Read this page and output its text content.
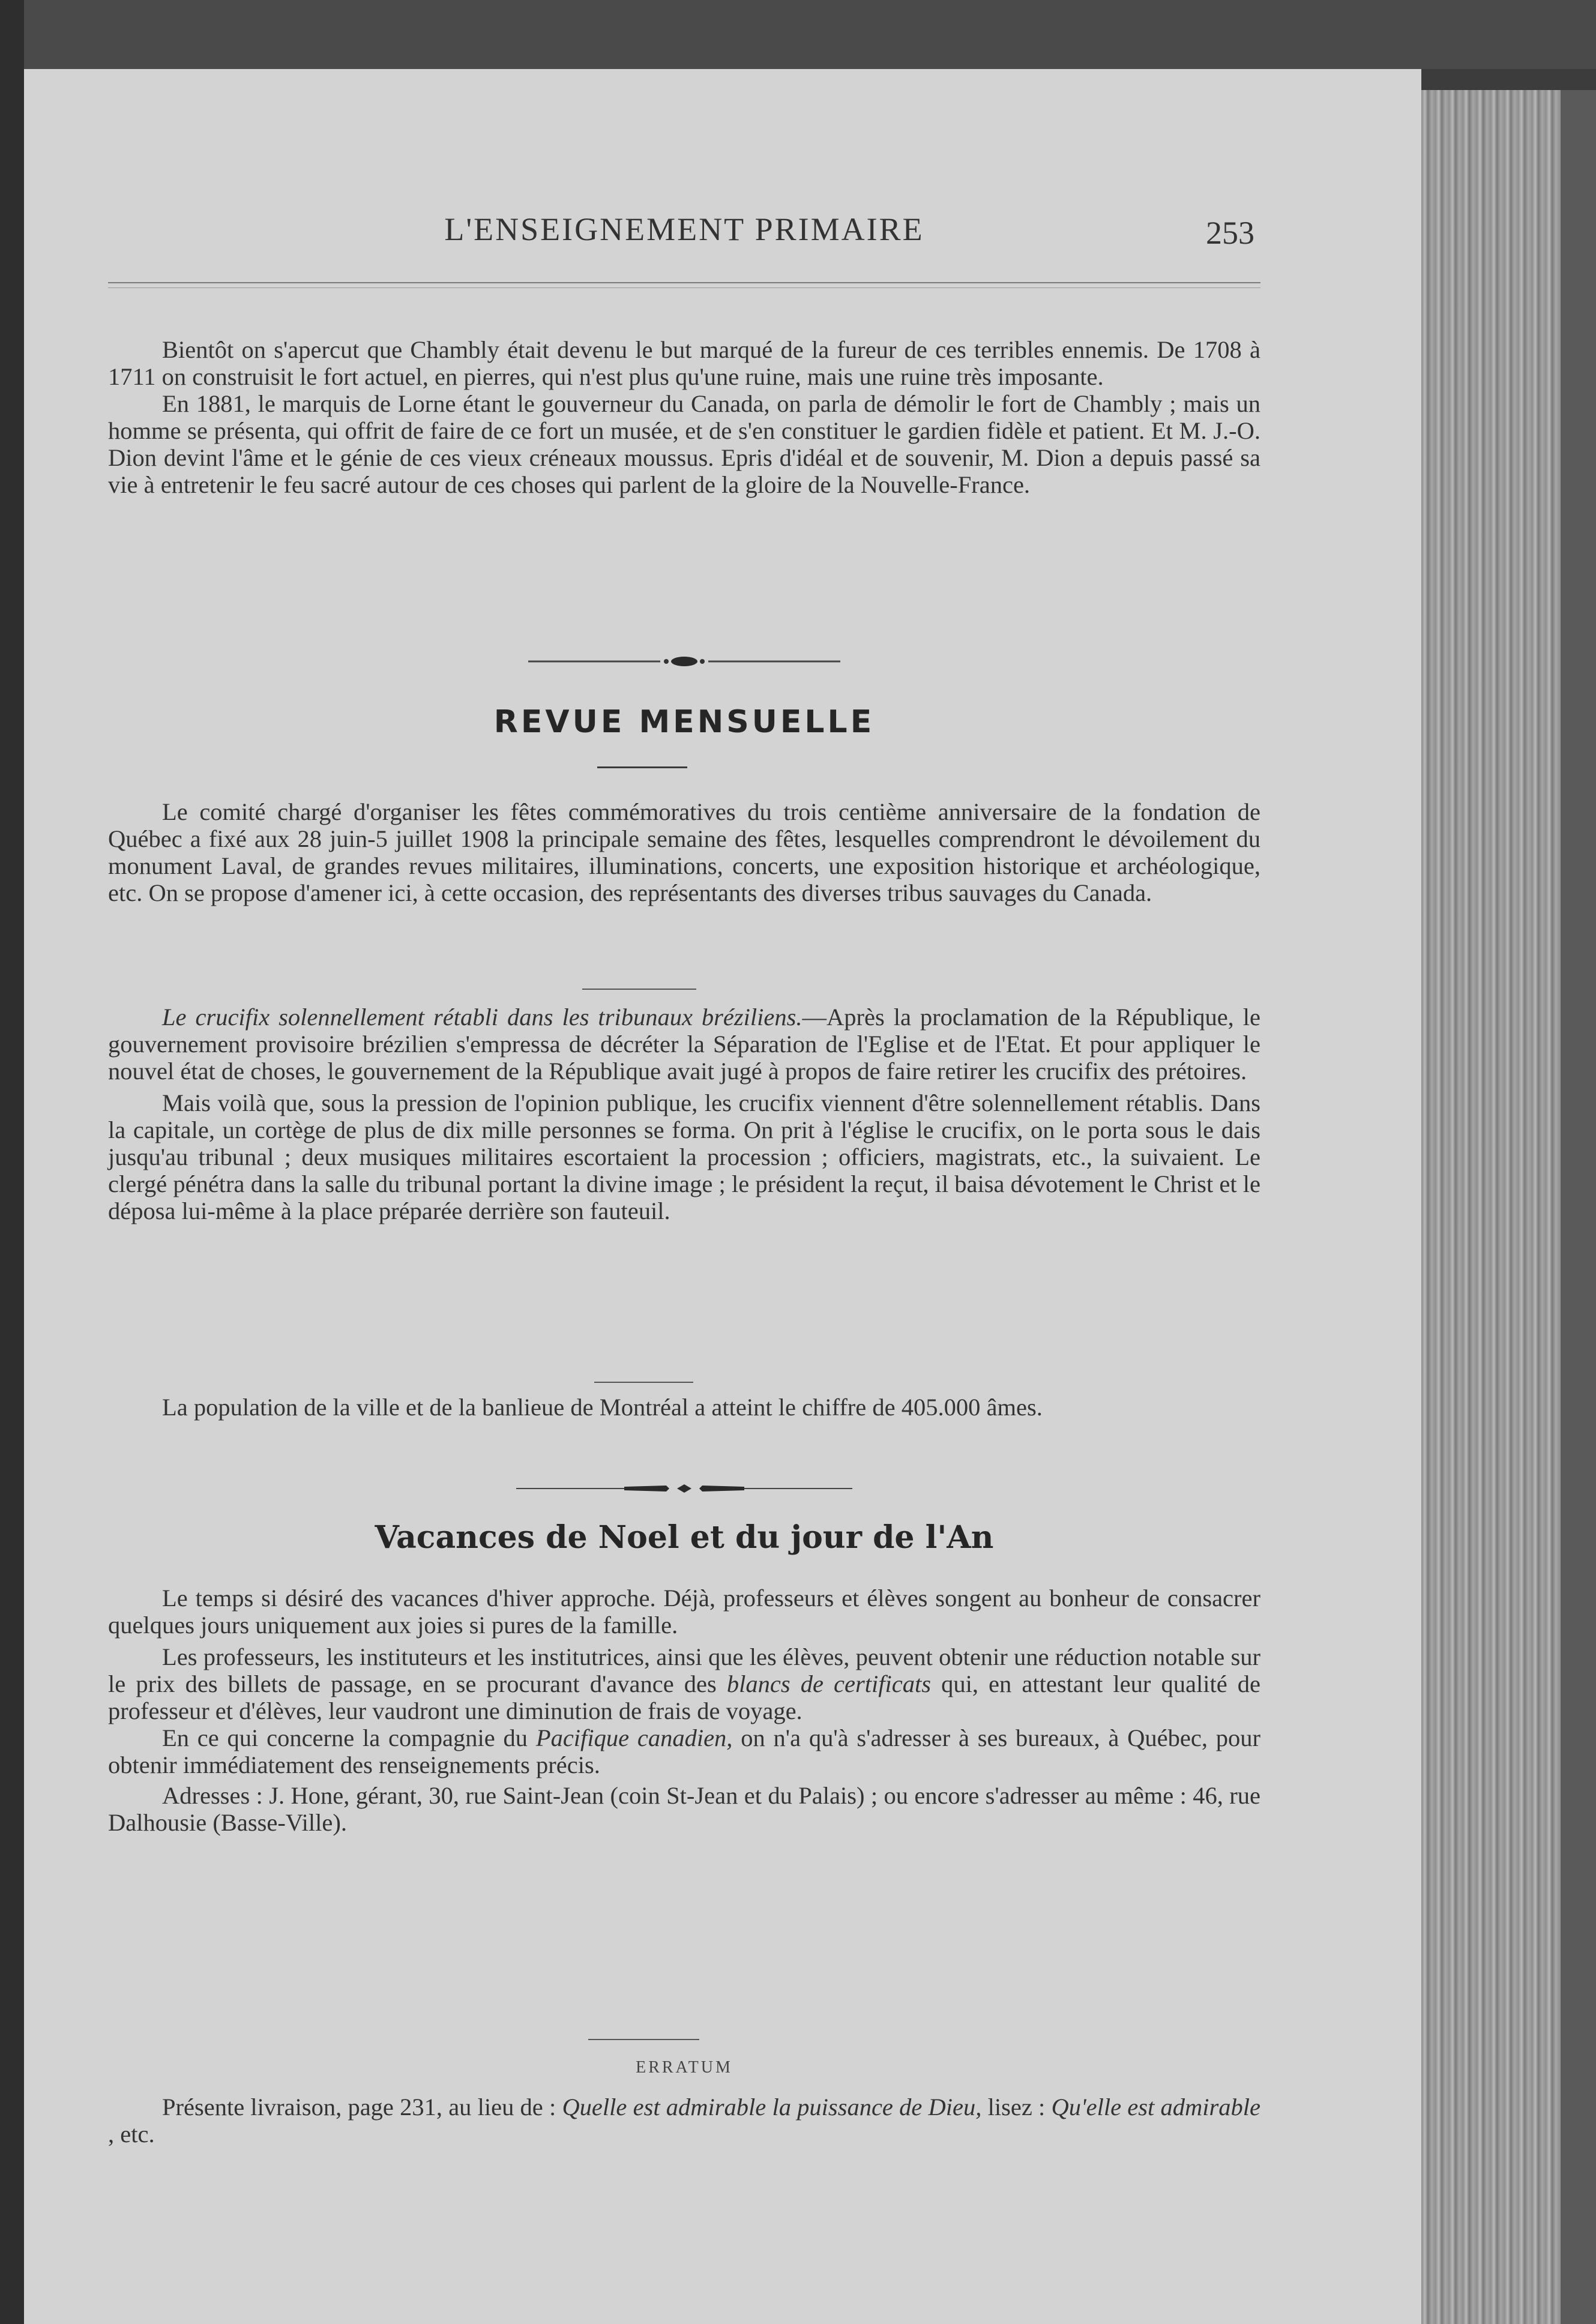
L'ENSEIGNEMENT PRIMAIRE	253

Bientôt on s'apercut que Chambly était devenu le but marqué de la fureur de ces terribles ennemis. De 1708 à 1711 on construisit le fort actuel, en pierres, qui n'est plus qu'une ruine, mais une ruine très imposante.

En 1881, le marquis de Lorne étant le gouverneur du Canada, on parla de démolir le fort de Chambly ; mais un homme se présenta, qui offrit de faire de ce fort un musée, et de s'en constituer le gardien fidèle et patient. Et M. J.-O. Dion devint l'âme et le génie de ces vieux créneaux moussus. Epris d'idéal et de souvenir, M. Dion a depuis passé sa vie à entretenir le feu sacré autour de ces choses qui parlent de la gloire de la Nouvelle-France.

REVUE MENSUELLE

Le comité chargé d'organiser les fêtes commémoratives du trois centième anniversaire de la fondation de Québec a fixé aux 28 juin-5 juillet 1908 la principale semaine des fêtes, lesquelles comprendront le dévoilement du monument Laval, de grandes revues militaires, illuminations, concerts, une exposition historique et archéologique, etc. On se propose d'amener ici, à cette occasion, des représentants des diverses tribus sauvages du Canada.

Le crucifix solennellement rétabli dans les tribunaux bréziliens.—Après la proclamation de la République, le gouvernement provisoire brézilien s'empressa de décréter la Séparation de l'Eglise et de l'Etat. Et pour appliquer le nouvel état de choses, le gouvernement de la République avait jugé à propos de faire retirer les crucifix des prétoires.

Mais voilà que, sous la pression de l'opinion publique, les crucifix viennent d'être solennellement rétablis. Dans la capitale, un cortège de plus de dix mille personnes se forma. On prit à l'église le crucifix, on le porta sous le dais jusqu'au tribunal ; deux musiques militaires escortaient la procession ; officiers, magistrats, etc., la suivaient. Le clergé pénétra dans la salle du tribunal portant la divine image ; le président la reçut, il baisa dévotement le Christ et le déposa lui-même à la place préparée derrière son fauteuil.

La population de la ville et de la banlieue de Montréal a atteint le chiffre de 405.000 âmes.

Vacances de Noel et du jour de l'An

Le temps si désiré des vacances d'hiver approche. Déjà, professeurs et élèves songent au bonheur de consacrer quelques jours uniquement aux joies si pures de la famille.

Les professeurs, les instituteurs et les institutrices, ainsi que les élèves, peuvent obtenir une réduction notable sur le prix des billets de passage, en se procurant d'avance des blancs de certificats qui, en attestant leur qualité de professeur et d'élèves, leur vaudront une diminution de frais de voyage.

En ce qui concerne la compagnie du Pacifique canadien, on n'a qu'à s'adresser à ses bureaux, à Québec, pour obtenir immédiatement des renseignements précis.

Adresses : J. Hone, gérant, 30, rue Saint-Jean (coin St-Jean et du Palais) ; ou encore s'adresser au même : 46, rue Dalhousie (Basse-Ville).

ERRATUM

Présente livraison, page 231, au lieu de : Quelle est admirable la puissance de Dieu, lisez : Qu'elle est admirable , etc.
